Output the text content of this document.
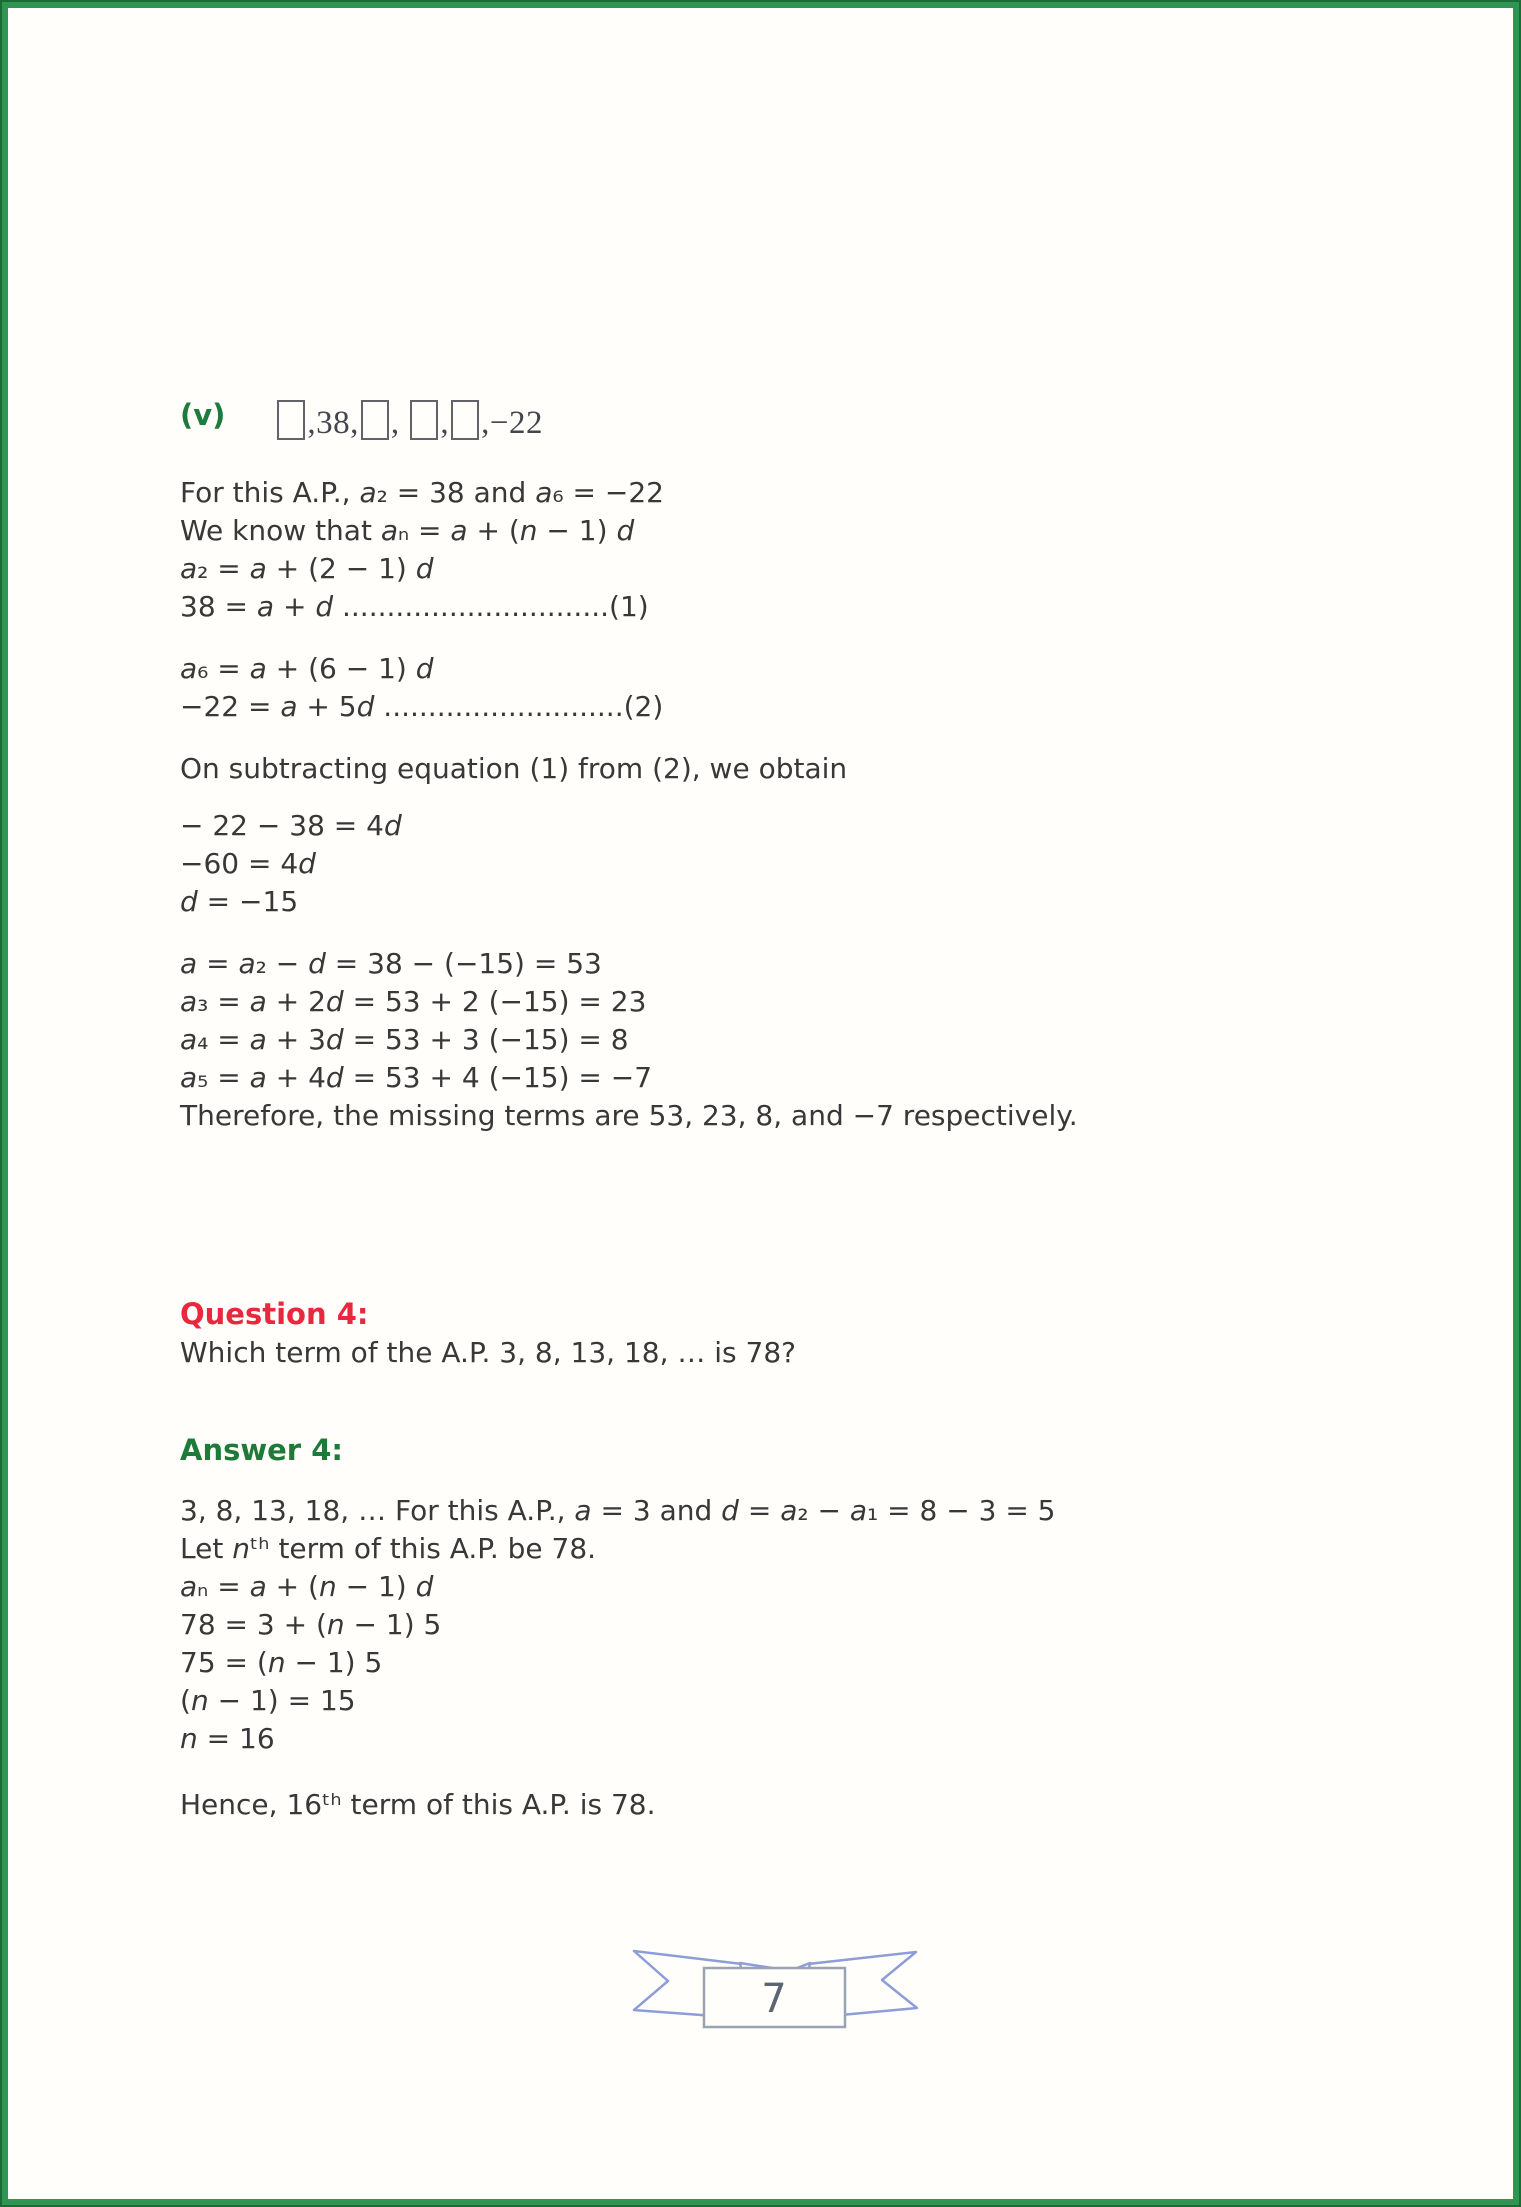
(v) ,38, , , ,−22
For this A.P., a₂ = 38 and a₆ = −22
We know that aₙ = a + (n − 1) d
a₂ = a + (2 − 1) d
38 = a + d ..............................(1)
a₆ = a + (6 − 1) d
−22 = a + 5d ...........................(2)
On subtracting equation (1) from (2), we obtain
− 22 − 38 = 4d
−60 = 4d
d = −15
a = a₂ − d = 38 − (−15) = 53
a₃ = a + 2d = 53 + 2 (−15) = 23
a₄ = a + 3d = 53 + 3 (−15) = 8
a₅ = a + 4d = 53 + 4 (−15) = −7
Therefore, the missing terms are 53, 23, 8, and −7 respectively.
Question 4:
Which term of the A.P. 3, 8, 13, 18, … is 78?
Answer 4:
3, 8, 13, 18, … For this A.P., a = 3 and d = a₂ − a₁ = 8 − 3 = 5
Let nᵗʰ term of this A.P. be 78.
aₙ = a + (n − 1) d
78 = 3 + (n − 1) 5
75 = (n − 1) 5
(n − 1) = 15
n = 16
Hence, 16ᵗʰ term of this A.P. is 78.
7
